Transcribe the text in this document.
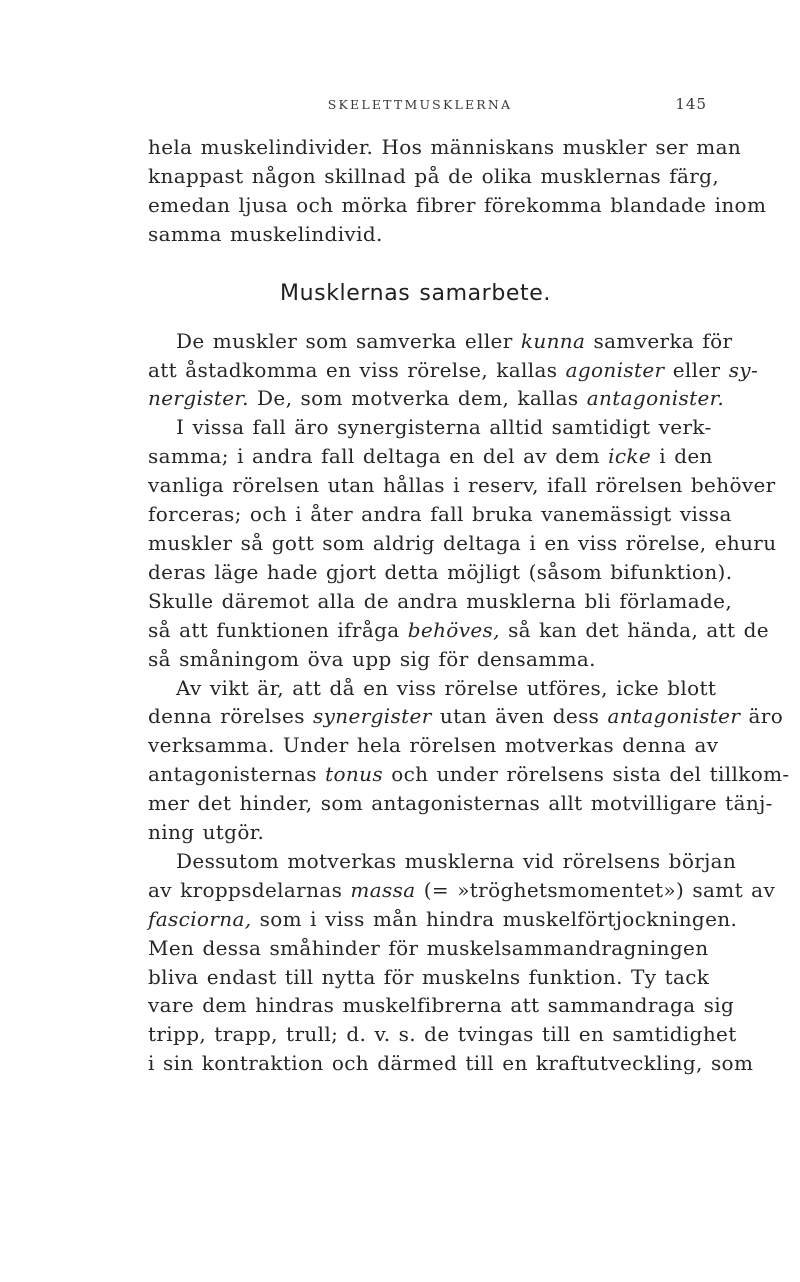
SKELETTMUSKLERNA	145

hela muskelindivider. Hos människans muskler ser man
knappast någon skillnad på de olika musklernas färg,
emedan ljusa och mörka fibrer förekomma blandade inom
samma muskelindivid.

Musklernas samarbete.

De muskler som samverka eller kunna samverka för
att åstadkomma en viss rörelse, kallas agonister eller sy-
nergister. De, som motverka dem, kallas antagonister.

I vissa fall äro synergisterna alltid samtidigt verk-
samma; i andra fall deltaga en del av dem icke i den
vanliga rörelsen utan hållas i reserv, ifall rörelsen behöver
forceras; och i åter andra fall bruka vanemässigt vissa
muskler så gott som aldrig deltaga i en viss rörelse, ehuru
deras läge hade gjort detta möjligt (såsom bifunktion).
Skulle däremot alla de andra musklerna bli förlamade,
så att funktionen ifråga behöves, så kan det hända, att de
så småningom öva upp sig för densamma.

Av vikt är, att då en viss rörelse utföres, icke blott
denna rörelses synergister utan även dess antagonister äro
verksamma. Under hela rörelsen motverkas denna av
antagonisternas tonus och under rörelsens sista del tillkom-
mer det hinder, som antagonisternas allt motvilligare tänj-
ning utgör.

Dessutom motverkas musklerna vid rörelsens början
av kroppsdelarnas massa (= »tröghetsmomentet») samt av
fasciorna, som i viss mån hindra muskelförtjockningen.
Men dessa småhinder för muskelsammandragningen
bliva endast till nytta för muskelns funktion. Ty tack
vare dem hindras muskelfibrerna att sammandraga sig
tripp, trapp, trull; d. v. s. de tvingas till en samtidighet
i sin kontraktion och därmed till en kraftutveckling, som
